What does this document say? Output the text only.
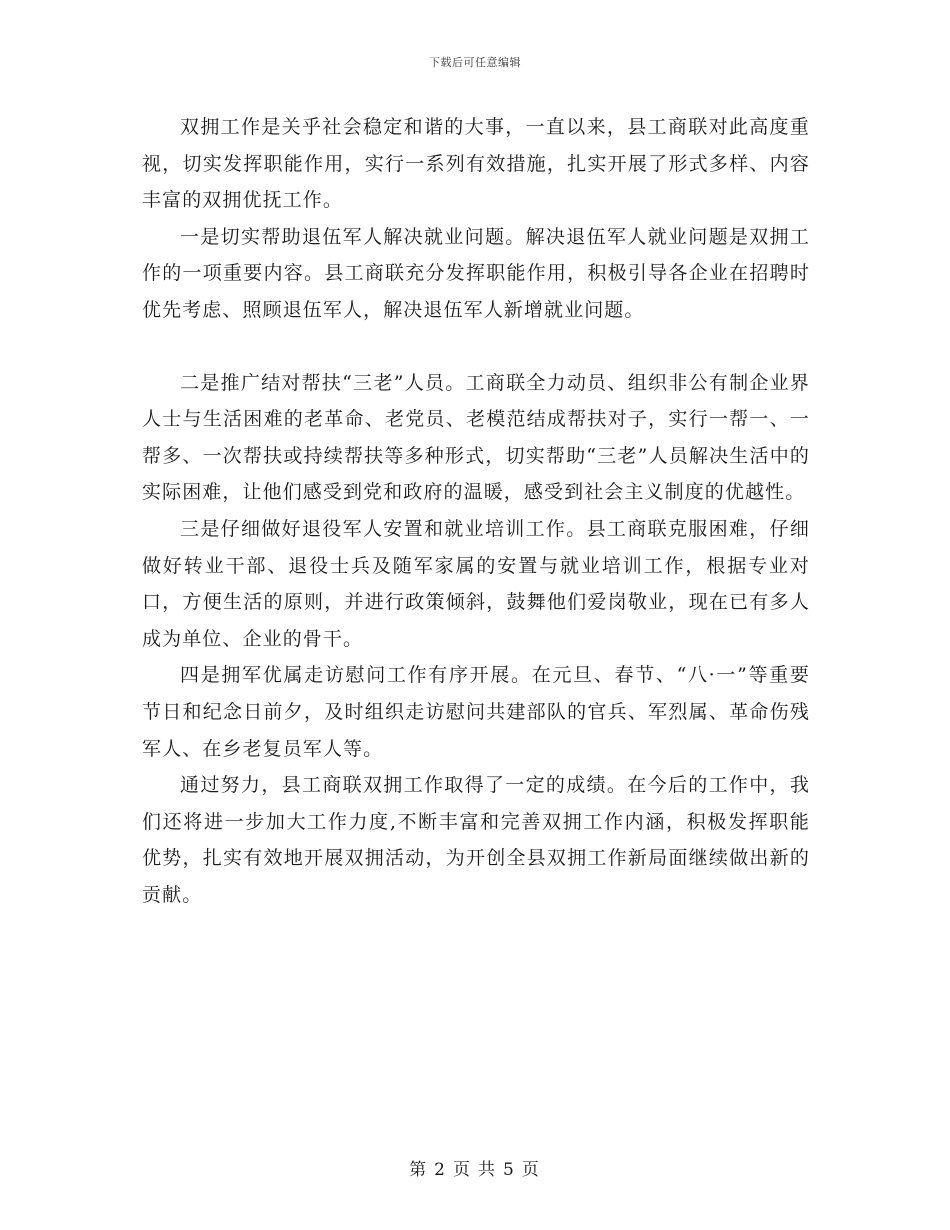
下载后可任意编辑

双拥工作是关乎社会稳定和谐的大事，一直以来，县工商联对此高度重视，切实发挥职能作用，实行一系列有效措施，扎实开展了形式多样、内容丰富的双拥优抚工作。

一是切实帮助退伍军人解决就业问题。解决退伍军人就业问题是双拥工作的一项重要内容。县工商联充分发挥职能作用，积极引导各企业在招聘时优先考虑、照顾退伍军人，解决退伍军人新增就业问题。

二是推广结对帮扶“三老”人员。工商联全力动员、组织非公有制企业界人士与生活困难的老革命、老党员、老模范结成帮扶对子，实行一帮一、一帮多、一次帮扶或持续帮扶等多种形式，切实帮助“三老”人员解决生活中的实际困难，让他们感受到党和政府的温暖，感受到社会主义制度的优越性。

三是仔细做好退役军人安置和就业培训工作。县工商联克服困难，仔细做好转业干部、退役士兵及随军家属的安置与就业培训工作，根据专业对口，方便生活的原则，并进行政策倾斜，鼓舞他们爱岗敬业，现在已有多人成为单位、企业的骨干。

四是拥军优属走访慰问工作有序开展。在元旦、春节、“八·一”等重要节日和纪念日前夕，及时组织走访慰问共建部队的官兵、军烈属、革命伤残军人、在乡老复员军人等。

通过努力，县工商联双拥工作取得了一定的成绩。在今后的工作中，我们还将进一步加大工作力度,不断丰富和完善双拥工作内涵，积极发挥职能优势，扎实有效地开展双拥活动，为开创全县双拥工作新局面继续做出新的贡献。

第 2 页 共 5 页
